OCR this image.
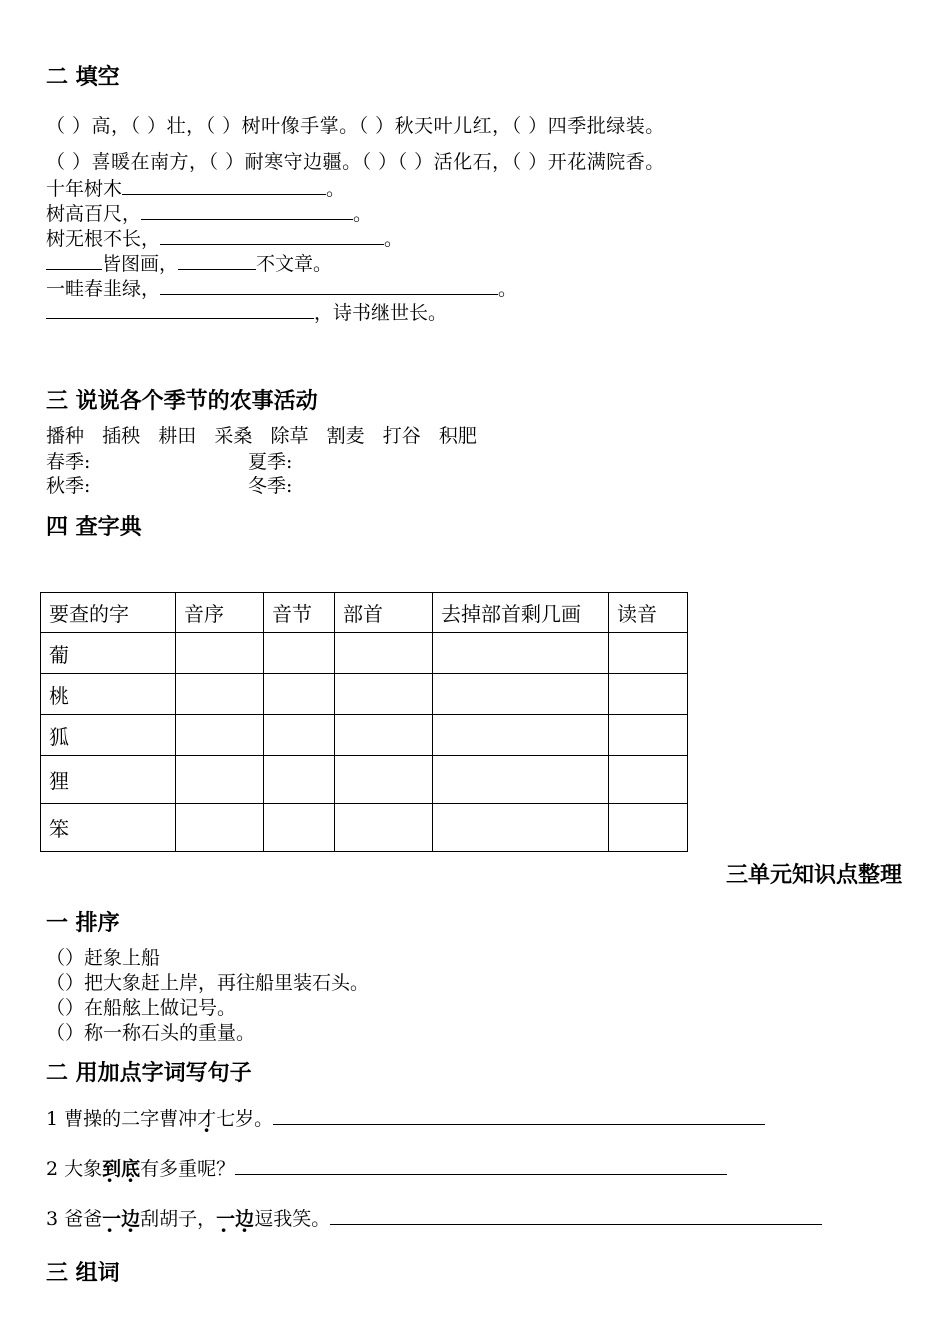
二 填空
（ ）高，（ ）壮，（ ）树叶像手掌。（ ）秋天叶儿红，（ ）四季批绿装。
（ ）喜暖在南方，（ ）耐寒守边疆。（ ）（ ）活化石，（ ）开花满院香。
十年树木	。
树高百尺，	。
树无根不长，	。
皆图画，	不文章。
一畦春韭绿，	。
，诗书继世长。
三 说说各个季节的农事活动
播种   插秧   耕田   采桑   除草   割麦   打谷   积肥
春季:	夏季:
秋季:	冬季:
四 查字典
要查的字	音序	音节	部首	去掉部首剩几画	读音
葡					
桃					
狐					
狸					
笨					
三单元知识点整理
一 排序
（）赶象上船
（）把大象赶上岸，再往船里装石头。
（）在船舷上做记号。
（）称一称石头的重量。
二 用加点字词写句子
1 曹操的二字曹冲才七岁。
2 大象到底 ·  ·有多重呢？
3 爸爸一边 ·  ·刮胡子，一边 ·  ·逗我笑。
三 组词
